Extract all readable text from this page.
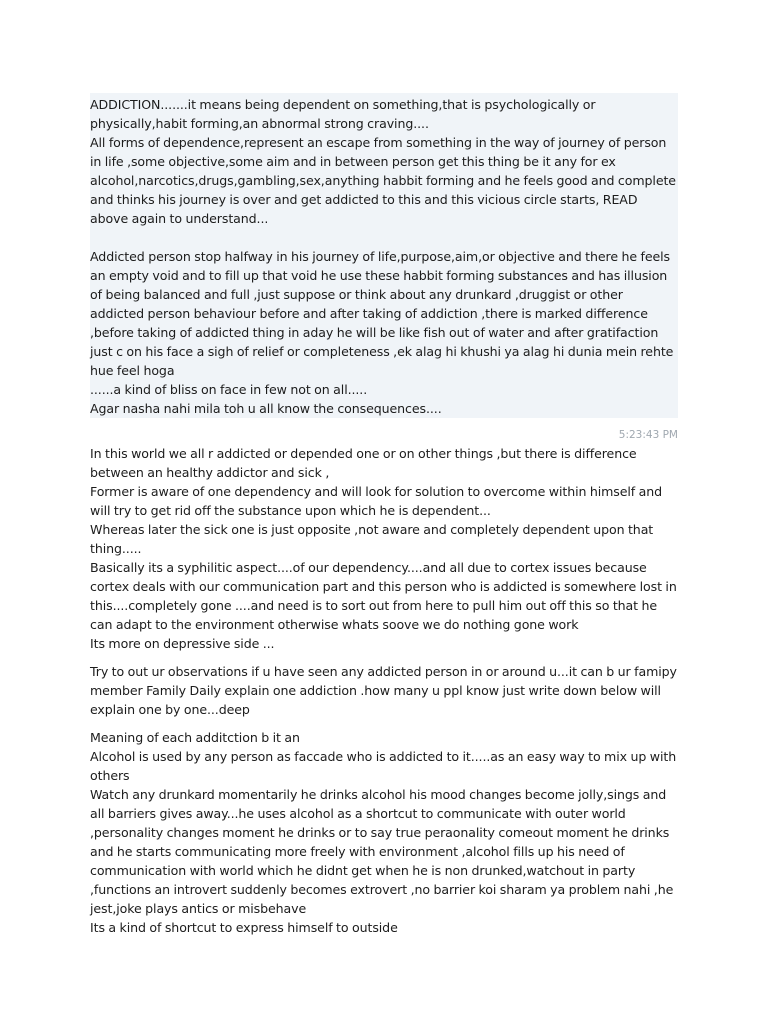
ADDICTION.......it means being dependent on something,that is psychologically or physically,habit forming,an abnormal strong craving....

All forms of dependence,represent an escape from something in the way of journey of person in life ,some objective,some aim and in between person get this thing be it any for ex alcohol,narcotics,drugs,gambling,sex,anything habbit forming and he feels good and complete and thinks his journey is over and get addicted to this and this vicious circle starts, READ above again to understand...

Addicted person stop halfway in his journey of life,purpose,aim,or objective and there he feels an empty void and to fill up that void he use these habbit forming substances and has illusion of being balanced and full ,just suppose or think about any drunkard ,druggist or other addicted person behaviour before and after taking of addiction ,there is marked difference ,before taking of addicted thing in aday he will be like fish out of water and after gratifaction just c on his face a sigh of relief or completeness ,ek alag hi khushi ya alag hi dunia mein rehte hue feel hoga

......a kind of bliss on face in few not on all.....

Agar nasha nahi mila toh u all know the consequences....

5:23:43 PM

In this world we all r addicted or depended one or on other things ,but there is difference between an healthy addictor and sick ,

Former is aware of one dependency and will look for solution to overcome within himself and will try to get rid off the substance upon which he is dependent...

Whereas later the sick one is just opposite ,not aware and completely dependent upon that thing.....

Basically its a syphilitic aspect....of our dependency....and all due to cortex issues because cortex deals with our communication part and this person who is addicted is somewhere lost in this....completely gone ....and need is to sort out from here to pull him out off this so that he can adapt to the environment otherwise whats soove we do nothing gone work

Its more on depressive side ...

Try to out ur observations if u have seen any addicted person in or around u...it can b ur famipy member Family Daily explain one addiction .how many u ppl know just write down below will explain one by one...deep

Meaning of each additction b it an

Alcohol is used by any person as faccade who is addicted to it.....as an easy way to mix up with others

Watch any drunkard momentarily he drinks alcohol his mood changes become jolly,sings and all barriers gives away...he uses alcohol as a shortcut to communicate with outer world ,personality changes moment he drinks or to say true peraonality comeout moment he drinks and he starts communicating more freely with environment ,alcohol fills up his need of communication with world which he didnt get when he is non drunked,watchout in party ,functions an introvert suddenly becomes extrovert ,no barrier koi sharam ya problem nahi ,he jest,joke plays antics or misbehave

Its a kind of shortcut to express himself to outside
